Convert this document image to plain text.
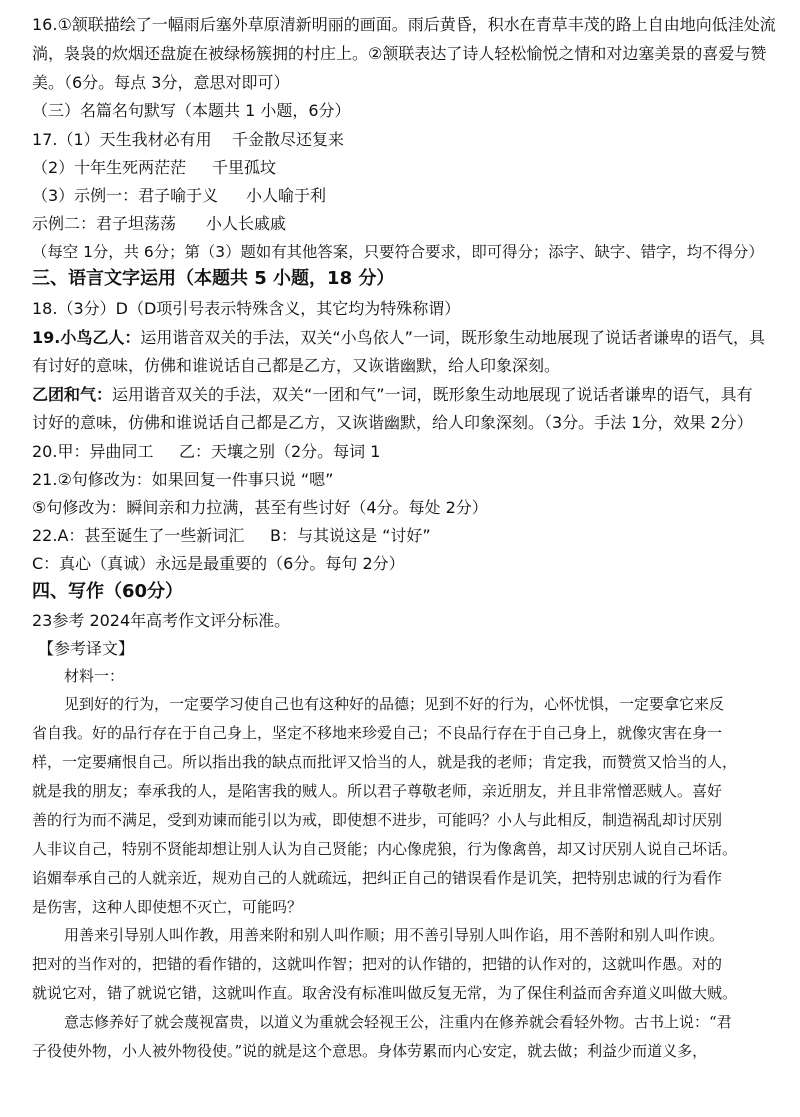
16.①颔联描绘了一幅雨后塞外草原清新明丽的画面。雨后黄昏，积水在青草丰茂的路上自由地向低洼处流
淌，袅袅的炊烟还盘旋在被绿杨簇拥的村庄上。②颔联表达了诗人轻松愉悦之情和对边塞美景的喜爱与赞
美。（6分。每点 3分，意思对即可）
（三）名篇名句默写（本题共 1 小题，6分）
17.（1）天生我材必有用 千金散尽还复来
（2）十年生死两茫茫 千里孤坟
（3）示例一：君子喻于义 小人喻于利
示例二：君子坦荡荡 小人长戚戚
（每空 1分，共 6分；第（3）题如有其他答案，只要符合要求，即可得分；添字、缺字、错字，均不得分）
三、语言文字运用（本题共 5 小题，18 分）
18.（3分）D（D项引号表示特殊含义，其它均为特殊称谓）
19.小鸟乙人：运用谐音双关的手法，双关“小鸟依人”一词，既形象生动地展现了说话者谦卑的语气，具
有讨好的意味，仿佛和谁说话自己都是乙方，又诙谐幽默，给人印象深刻。
乙团和气：运用谐音双关的手法，双关“一团和气”一词，既形象生动地展现了说话者谦卑的语气，具有
讨好的意味，仿佛和谁说话自己都是乙方，又诙谐幽默，给人印象深刻。（3分。手法 1分，效果 2分）
20.甲：异曲同工 乙：天壤之别（2分。每词 1
21.②句修改为：如果回复一件事只说 “嗯”
⑤句修改为：瞬间亲和力拉满，甚至有些讨好（4分。每处 2分）
22.A：甚至诞生了一些新词汇 B：与其说这是 “讨好”
C：真心（真诚）永远是最重要的（6分。每句 2分）
四、写作（60分）
23参考 2024年高考作文评分标准。
【参考译文】
材料一：
见到好的行为，一定要学习使自己也有这种好的品德；见到不好的行为，心怀忧惧，一定要拿它来反
省自我。好的品行存在于自己身上，坚定不移地来珍爱自己；不良品行存在于自己身上，就像灾害在身一
样，一定要痛恨自己。所以指出我的缺点而批评又恰当的人，就是我的老师；肯定我，而赞赏又恰当的人，
就是我的朋友；奉承我的人，是陷害我的贼人。所以君子尊敬老师，亲近朋友，并且非常憎恶贼人。喜好
善的行为而不满足，受到劝谏而能引以为戒，即使想不进步，可能吗？小人与此相反，制造祸乱却讨厌别
人非议自己，特别不贤能却想让别人认为自己贤能；内心像虎狼，行为像禽兽，却又讨厌别人说自己坏话。
谄媚奉承自己的人就亲近，规劝自己的人就疏远，把纠正自己的错误看作是讥笑，把特别忠诚的行为看作
是伤害，这种人即使想不灭亡，可能吗？
用善来引导别人叫作教，用善来附和别人叫作顺；用不善引导别人叫作谄，用不善附和别人叫作谀。
把对的当作对的，把错的看作错的，这就叫作智；把对的认作错的，把错的认作对的，这就叫作愚。对的
就说它对，错了就说它错，这就叫作直。取舍没有标准叫做反复无常，为了保住利益而舍弃道义叫做大贼。
意志修养好了就会蔑视富贵，以道义为重就会轻视王公，注重内在修养就会看轻外物。古书上说：“君
子役使外物，小人被外物役使。”说的就是这个意思。身体劳累而内心安定，就去做；利益少而道义多，
